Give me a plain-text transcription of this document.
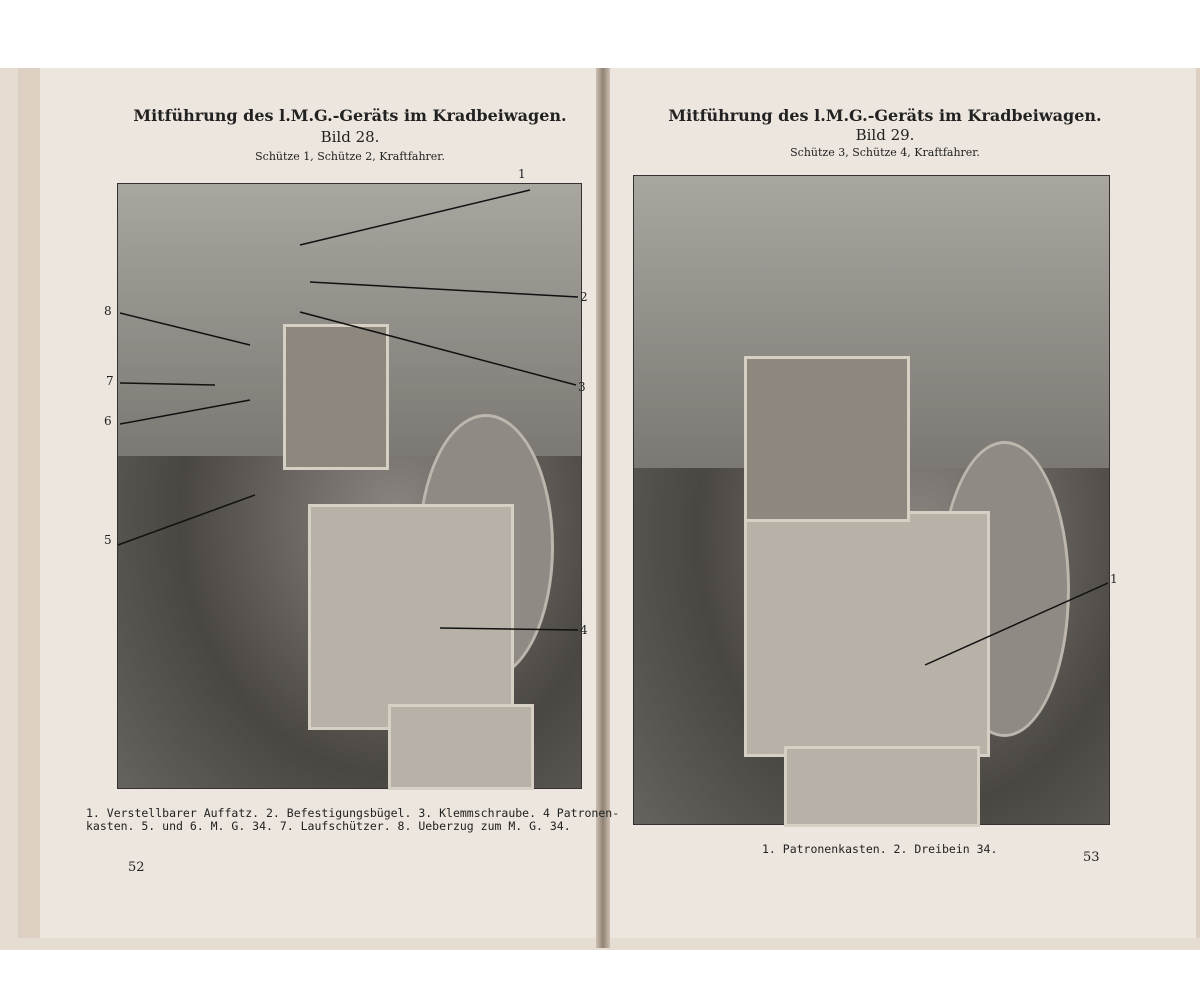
Mitführung des l.M.G.-Geräts im Kradbeiwagen.
Bild 28.
Schütze 1, Schütze 2, Kraftfahrer.
1
2
3
4
5
6
7
8
1. Verstellbarer Auffatz. 2. Befestigungsbügel. 3. Klemmschraube. 4 Patronen-
kasten. 5. und 6. M. G. 34. 7. Laufschützer. 8. Ueberzug zum M. G. 34.
52
Mitführung des l.M.G.-Geräts im Kradbeiwagen.
Bild 29.
Schütze 3, Schütze 4, Kraftfahrer.
1
1. Patronenkasten. 2. Dreibein 34.
53
